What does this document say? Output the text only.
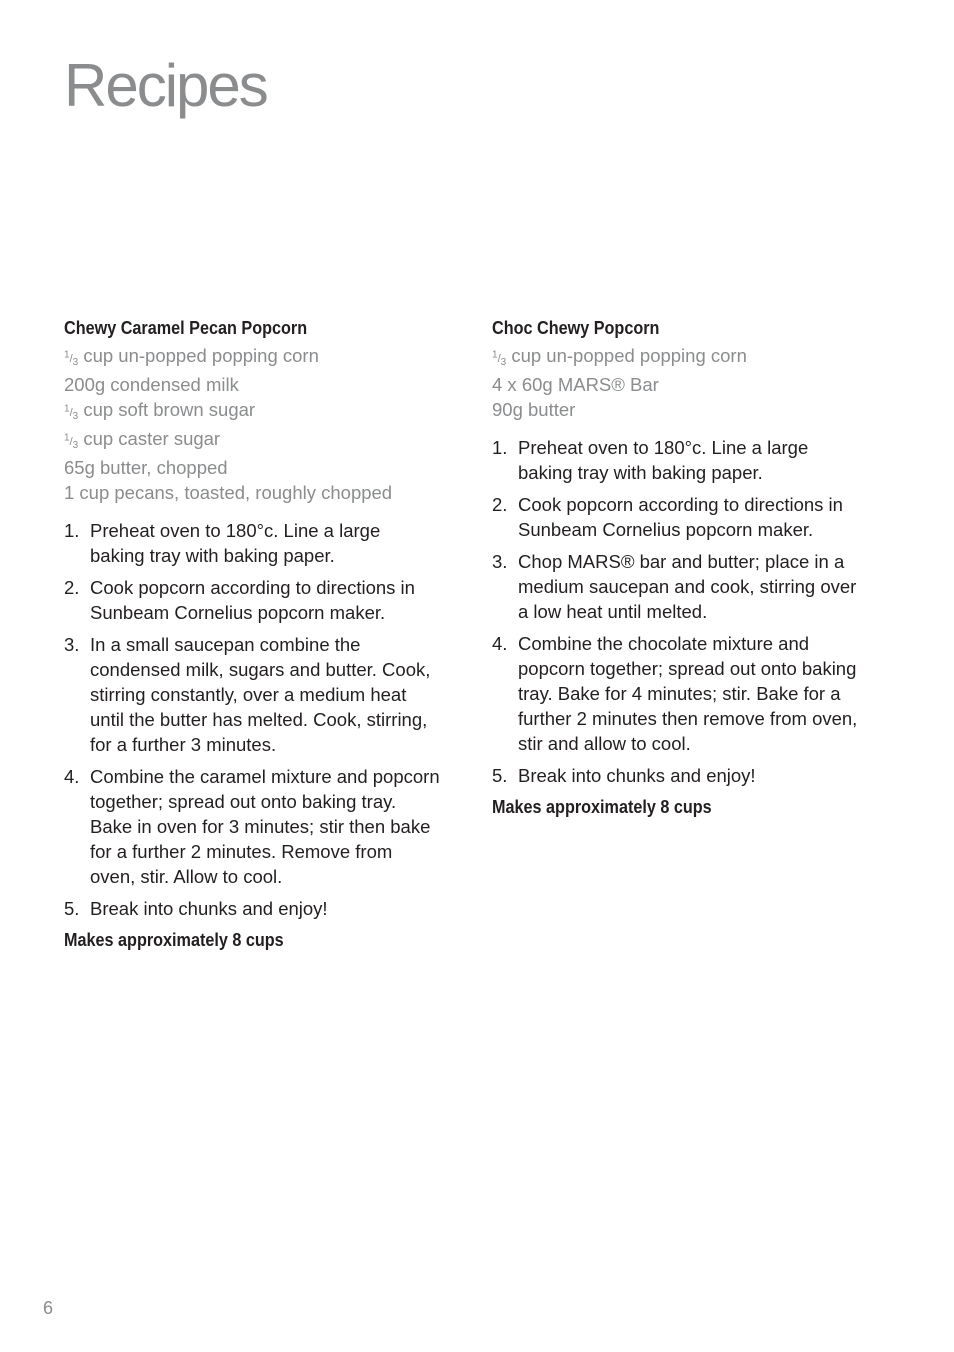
Recipes
Chewy Caramel Pecan Popcorn
$^1/_3$ cup un-popped popping corn
200g condensed milk
$^1/_3$ cup soft brown sugar
$^1/_3$ cup caster sugar
65g butter, chopped
1 cup pecans, toasted, roughly chopped
1. Preheat oven to 180°c. Line a large
baking tray with baking paper.
2. Cook popcorn according to directions in
Sunbeam Cornelius popcorn maker.
3. In a small saucepan combine the
condensed milk, sugars and butter. Cook,
stirring constantly, over a medium heat
until the butter has melted. Cook, stirring,
for a further 3 minutes.
4. Combine the caramel mixture and popcorn
together; spread out onto baking tray.
Bake in oven for 3 minutes; stir then bake
for a further 2 minutes. Remove from
oven, stir. Allow to cool.
5. Break into chunks and enjoy!

Makes approximately 8 cups

Choc Chewy Popcorn
$^1/_3$ cup un-popped popping corn
4 x 60g MARS® Bar
90g butter
1. Preheat oven to 180°c. Line a large
baking tray with baking paper.
2. Cook popcorn according to directions in
Sunbeam Cornelius popcorn maker.
3. Chop MARS® bar and butter; place in a
medium saucepan and cook, stirring over
a low heat until melted.
4. Combine the chocolate mixture and
popcorn together; spread out onto baking
tray. Bake for 4 minutes; stir. Bake for a
further 2 minutes then remove from oven,
stir and allow to cool.
5. Break into chunks and enjoy!

Makes approximately 8 cups

6
